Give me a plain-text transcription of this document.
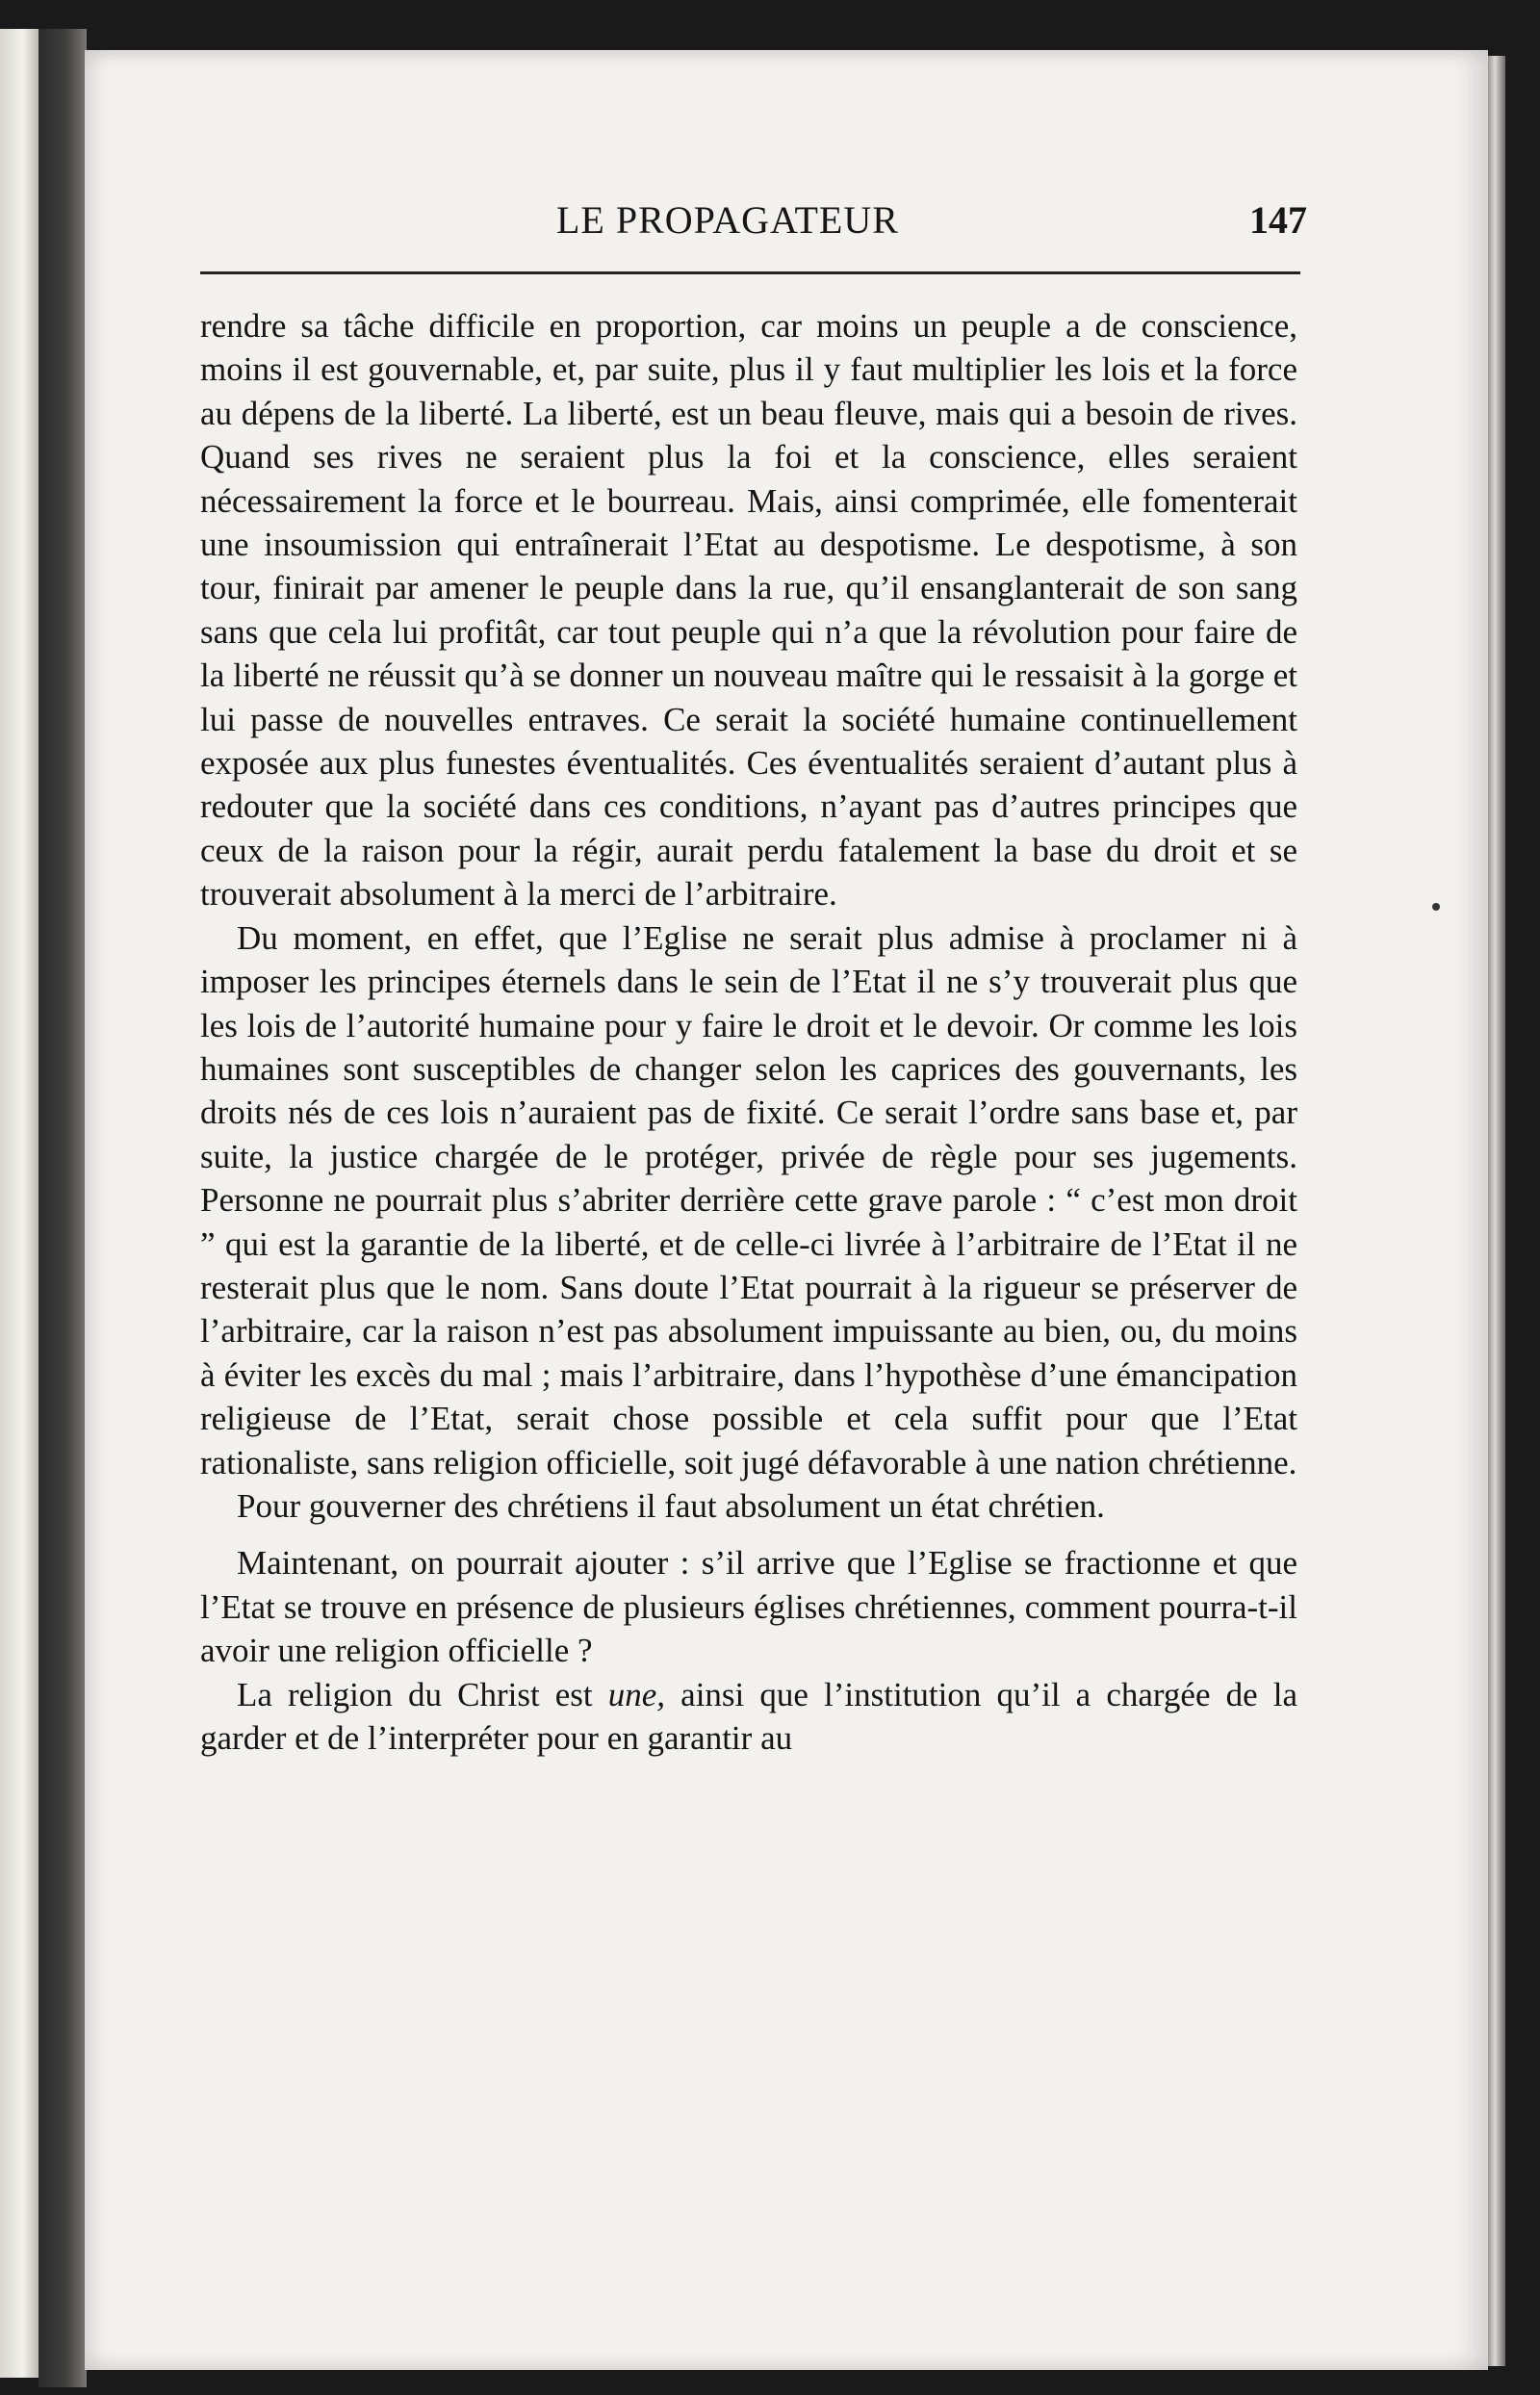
LE PROPAGATEUR	147

rendre sa tâche difficile en proportion, car moins un peuple a de conscience, moins il est gouvernable, et, par suite, plus il y faut multiplier les lois et la force au dépens de la liberté. La liberté, est un beau fleuve, mais qui a besoin de rives. Quand ses rives ne seraient plus la foi et la conscience, elles seraient nécessairement la force et le bourreau. Mais, ainsi comprimée, elle fomenterait une insoumission qui entraînerait l’Etat au despotisme. Le despotisme, à son tour, finirait par amener le peuple dans la rue, qu’il ensanglanterait de son sang sans que cela lui profitât, car tout peuple qui n’a que la révolution pour faire de la liberté ne réussit qu’à se donner un nouveau maître qui le ressaisit à la gorge et lui passe de nouvelles entraves. Ce serait la société humaine continuellement exposée aux plus funestes éventualités. Ces éventualités seraient d’autant plus à redouter que la société dans ces conditions, n’ayant pas d’autres principes que ceux de la raison pour la régir, aurait perdu fatalement la base du droit et se trouverait absolument à la merci de l’arbitraire.

Du moment, en effet, que l’Eglise ne serait plus admise à proclamer ni à imposer les principes éternels dans le sein de l’Etat il ne s’y trouverait plus que les lois de l’autorité humaine pour y faire le droit et le devoir. Or comme les lois humaines sont susceptibles de changer selon les caprices des gouvernants, les droits nés de ces lois n’auraient pas de fixité. Ce serait l’ordre sans base et, par suite, la justice chargée de le protéger, privée de règle pour ses jugements. Personne ne pourrait plus s’abriter derrière cette grave parole : “ c’est mon droit ” qui est la garantie de la liberté, et de celle-ci livrée à l’arbitraire de l’Etat il ne resterait plus que le nom. Sans doute l’Etat pourrait à la rigueur se préserver de l’arbitraire, car la raison n’est pas absolument impuissante au bien, ou, du moins à éviter les excès du mal ; mais l’arbitraire, dans l’hypothèse d’une émancipation religieuse de l’Etat, serait chose possible et cela suffit pour que l’Etat rationaliste, sans religion officielle, soit jugé défavorable à une nation chrétienne.

Pour gouverner des chrétiens il faut absolument un état chrétien.

Maintenant, on pourrait ajouter : s’il arrive que l’Eglise se fractionne et que l’Etat se trouve en présence de plusieurs églises chrétiennes, comment pourra-t-il avoir une religion officielle ?

La religion du Christ est une, ainsi que l’institution qu’il a chargée de la garder et de l’interpréter pour en garantir au
